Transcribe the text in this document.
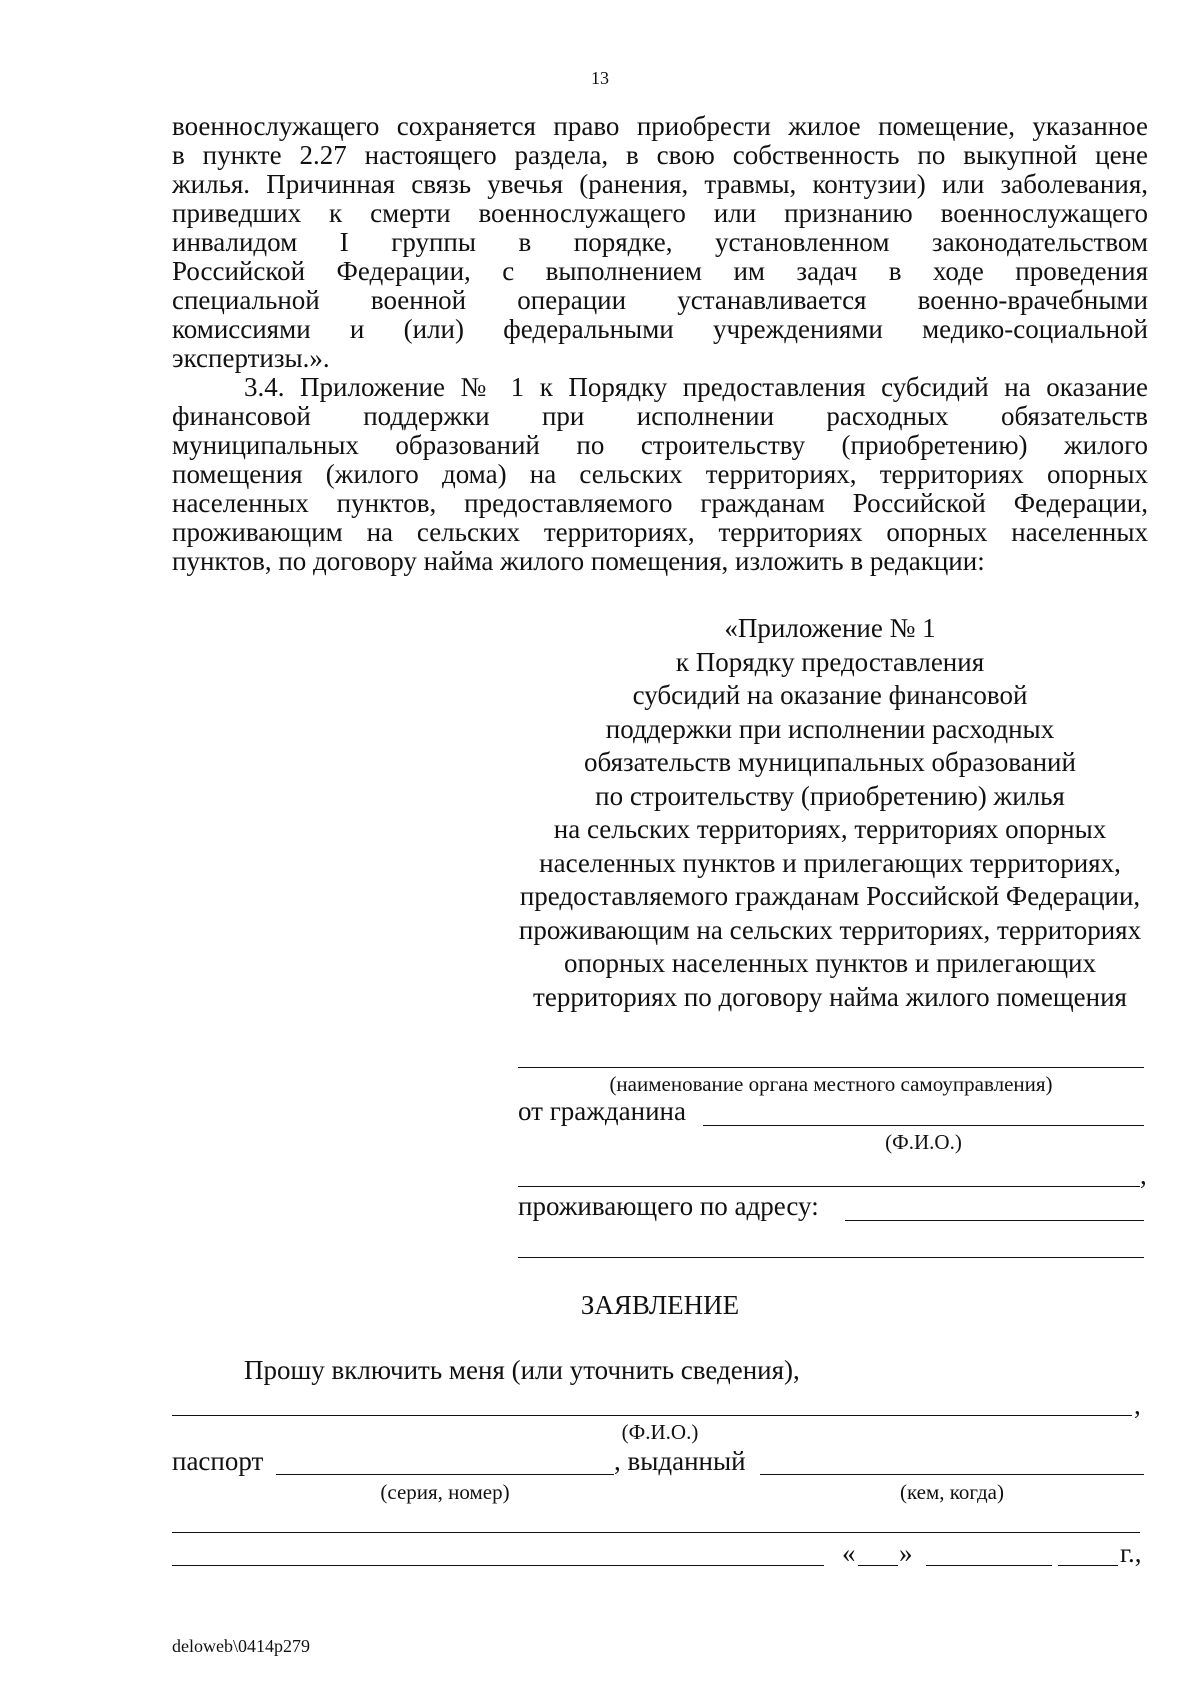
13
военнослужащего сохраняется право приобрести жилое помещение, указанное
в пункте 2.27 настоящего раздела, в свою собственность по выкупной цене
жилья. Причинная связь увечья (ранения, травмы, контузии) или заболевания,
приведших к смерти военнослужащего или признанию военнослужащего
инвалидом I группы в порядке, установленном законодательством
Российской Федерации, с выполнением им задач в ходе проведения
специальной военной операции устанавливается военно-врачебными
комиссиями и (или) федеральными учреждениями медико-социальной
экспертизы.».
3.4. Приложение № 1 к Порядку предоставления субсидий на оказание
финансовой поддержки при исполнении расходных обязательств
муниципальных образований по строительству (приобретению) жилого
помещения (жилого дома) на сельских территориях, территориях опорных
населенных пунктов, предоставляемого гражданам Российской Федерации,
проживающим на сельских территориях, территориях опорных населенных
пунктов, по договору найма жилого помещения, изложить в редакции:
«Приложение № 1
к Порядку предоставления
субсидий на оказание финансовой
поддержки при исполнении расходных
обязательств муниципальных образований
по строительству (приобретению) жилья
на сельских территориях, территориях опорных
населенных пунктов и прилегающих территориях,
предоставляемого гражданам Российской Федерации,
проживающим на сельских территориях, территориях
опорных населенных пунктов и прилегающих
территориях по договору найма жилого помещения
(наименование органа местного самоуправления)
от гражданина
(Ф.И.О.)
,
проживающего по адресу:
ЗАЯВЛЕНИЕ
Прошу включить меня (или уточнить сведения),
,
(Ф.И.О.)
паспорт	, выданный
(серия, номер)	(кем, когда)
« »	г.,
deloweb\0414p279
